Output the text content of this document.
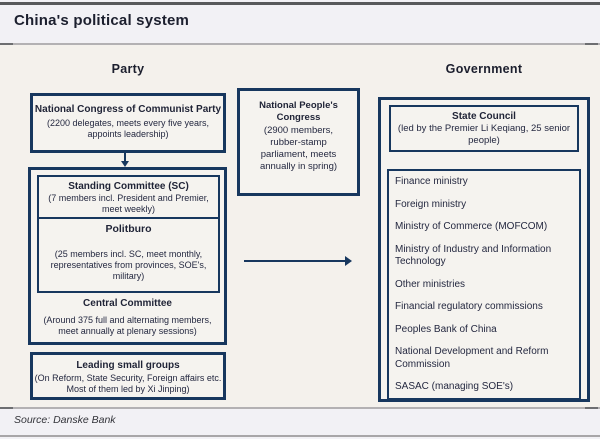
China's political system
Party	Government
National Congress of Communist Party
(2200 delegates, meets every five years, appoints leadership)
Standing Committee (SC)
(7 members incl. President and Premier, meet weekly)
Politburo
(25 members incl. SC, meet monthly, representatives from provinces, SOE's, military)
Central Committee
(Around 375 full and alternating members, meet annually at plenary sessions)
Leading small groups
(On Reform, State Security, Foreign affairs etc. Most of them led by Xi Jinping)
National People's Congress
(2900 members, rubber-stamp parliament, meets annually in spring)
State Council
(led by the Premier Li Keqiang, 25 senior people)
Finance ministry
Foreign ministry
Ministry of Commerce (MOFCOM)
Ministry of Industry and Information Technology
Other ministries
Financial regulatory commissions
Peoples Bank of China
National Development and Reform Commission
SASAC (managing SOE's)
Source: Danske Bank
